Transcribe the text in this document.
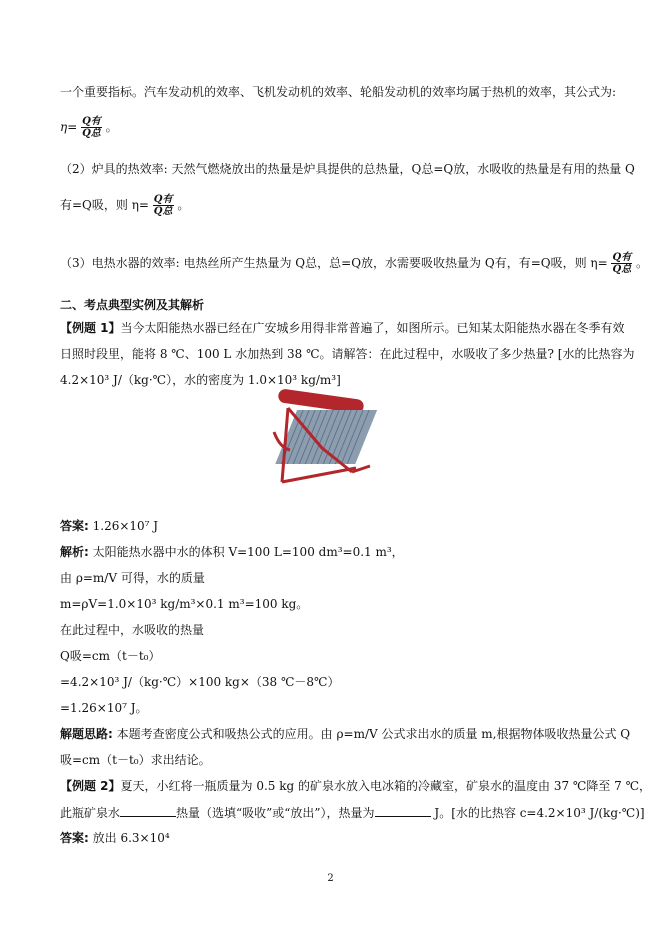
一个重要指标。汽车发动机的效率、飞机发动机的效率、轮船发动机的效率均属于热机的效率，其公式为:
$\eta= \frac{\text{Q有}}{\text{Q总}}$ 。
（2）炉具的热效率: 天然气燃烧放出的热量是炉具提供的总热量，Q总=Q放，水吸收的热量是有用的热量 Q
有=Q吸，则 $\eta= \frac{\text{Q有}}{\text{Q总}}$ 。
（3）电热水器的效率: 电热丝所产生热量为 Q总，总=Q放，水需要吸收热量为 Q有，有=Q吸，则 $\eta= \frac{\text{Q有}}{\text{Q总}}$ 。
二、考点典型实例及其解析
【例题 1】当今太阳能热水器已经在广安城乡用得非常普遍了，如图所示。已知某太阳能热水器在冬季有效
日照时段里，能将 8 ℃、100 L 水加热到 38 ℃。请解答：在此过程中，水吸收了多少热量? [水的比热容为
4.2×10³ J/（kg·℃），水的密度为 1.0×10³ kg/m³]
答案: 1.26×10⁷ J
解析: 太阳能热水器中水的体积 V=100 L=100 dm³=0.1 m³，
由 ρ=m/V 可得，水的质量
m=ρV=1.0×10³ kg/m³×0.1 m³=100 kg。
在此过程中，水吸收的热量
Q吸=cm（t－t₀）
=4.2×10³ J/（kg·℃）×100 kg×（38 ℃－8℃）
=1.26×10⁷ J。
解题思路: 本题考查密度公式和吸热公式的应用。由 ρ=m/V 公式求出水的质量 m,根据物体吸收热量公式 Q
吸=cm（t－t₀）求出结论。
【例题 2】夏天，小红将一瓶质量为 0.5 kg 的矿泉水放入电冰箱的冷藏室，矿泉水的温度由 37 ℃降至 7 ℃，
此瓶矿泉水	热量（选填“吸收”或“放出”），热量为	J。[水的比热容 c=4.2×10³ J/(kg·℃)]
答案: 放出 6.3×10⁴
2
